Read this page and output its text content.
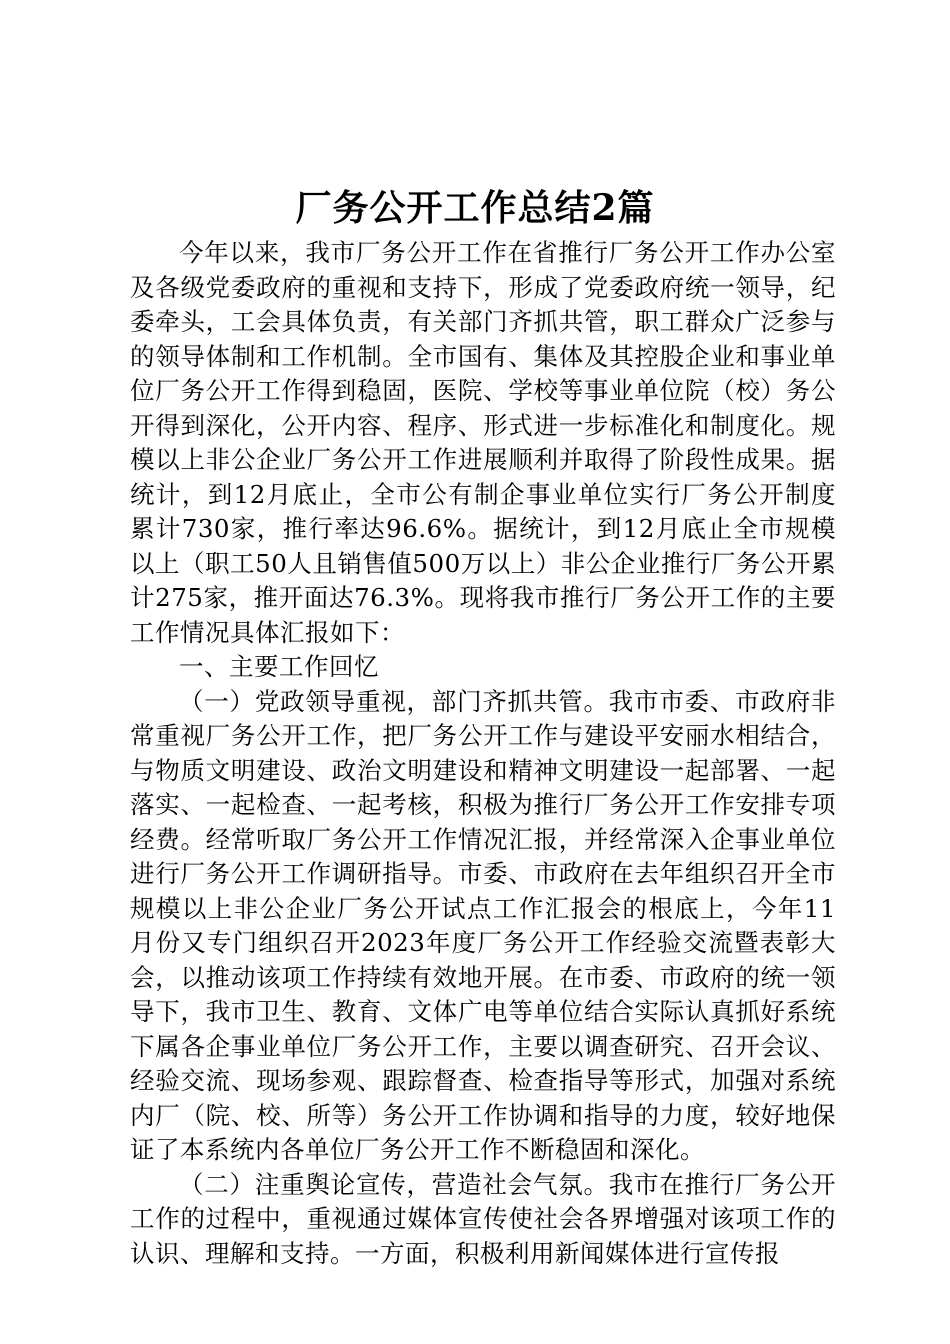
厂务公开工作总结2篇

今年以来，我市厂务公开工作在省推行厂务公开工作办公室及各级党委政府的重视和支持下，形成了党委政府统一领导，纪委牵头，工会具体负责，有关部门齐抓共管，职工群众广泛参与的领导体制和工作机制。全市国有、集体及其控股企业和事业单位厂务公开工作得到稳固，医院、学校等事业单位院（校）务公开得到深化，公开内容、程序、形式进一步标准化和制度化。规模以上非公企业厂务公开工作进展顺利并取得了阶段性成果。据统计，到12月底止，全市公有制企事业单位实行厂务公开制度累计730家，推行率达96.6%。据统计，到12月底止全市规模以上（职工50人且销售值500万以上）非公企业推行厂务公开累计275家，推开面达76.3%。现将我市推行厂务公开工作的主要工作情况具体汇报如下：

一、主要工作回忆

（一）党政领导重视，部门齐抓共管。我市市委、市政府非常重视厂务公开工作，把厂务公开工作与建设平安丽水相结合，与物质文明建设、政治文明建设和精神文明建设一起部署、一起落实、一起检查、一起考核，积极为推行厂务公开工作安排专项经费。经常听取厂务公开工作情况汇报，并经常深入企事业单位进行厂务公开工作调研指导。市委、市政府在去年组织召开全市规模以上非公企业厂务公开试点工作汇报会的根底上，今年11月份又专门组织召开2023年度厂务公开工作经验交流暨表彰大会，以推动该项工作持续有效地开展。在市委、市政府的统一领导下，我市卫生、教育、文体广电等单位结合实际认真抓好系统下属各企事业单位厂务公开工作，主要以调查研究、召开会议、经验交流、现场参观、跟踪督查、检查指导等形式，加强对系统内厂（院、校、所等）务公开工作协调和指导的力度，较好地保证了本系统内各单位厂务公开工作不断稳固和深化。

（二）注重舆论宣传，营造社会气氛。我市在推行厂务公开工作的过程中，重视通过媒体宣传使社会各界增强对该项工作的认识、理解和支持。一方面，积极利用新闻媒体进行宣传报
